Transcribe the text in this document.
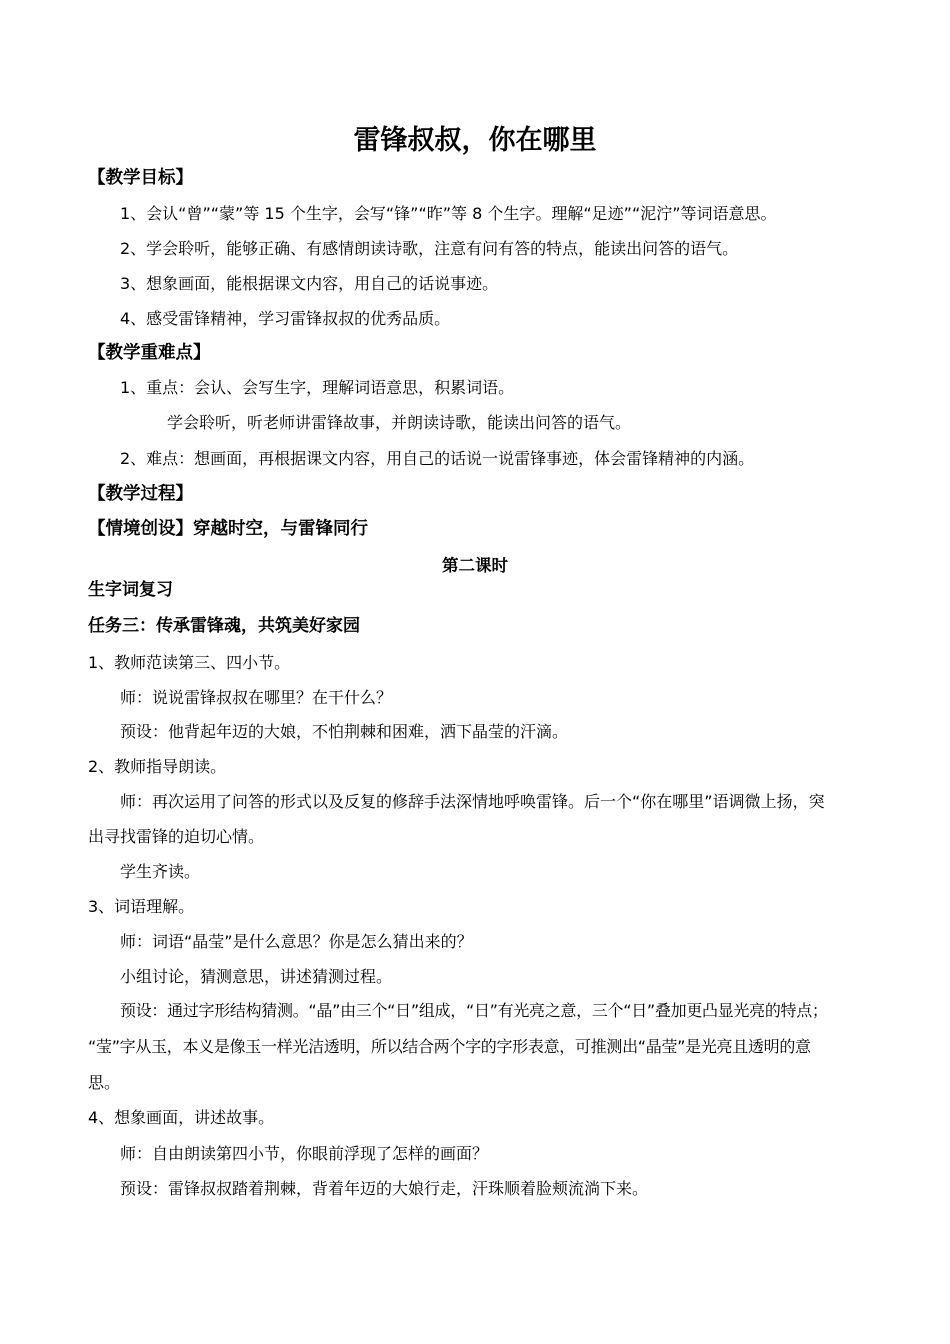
雷锋叔叔，你在哪里
【教学目标】
1、会认“曾”“蒙”等 15 个生字，会写“锋”“昨”等 8 个生字。理解“足迹”“泥泞”等词语意思。
2、学会聆听，能够正确、有感情朗读诗歌，注意有问有答的特点，能读出问答的语气。
3、想象画面，能根据课文内容，用自己的话说事迹。
4、感受雷锋精神，学习雷锋叔叔的优秀品质。
【教学重难点】
1、重点：会认、会写生字，理解词语意思，积累词语。
学会聆听，听老师讲雷锋故事，并朗读诗歌，能读出问答的语气。
2、难点：想画面，再根据课文内容，用自己的话说一说雷锋事迹，体会雷锋精神的内涵。
【教学过程】
【情境创设】穿越时空，与雷锋同行
第二课时
生字词复习
任务三：传承雷锋魂，共筑美好家园
1、教师范读第三、四小节。
师：说说雷锋叔叔在哪里？在干什么？
预设：他背起年迈的大娘，不怕荆棘和困难，洒下晶莹的汗滴。
2、教师指导朗读。
师：再次运用了问答的形式以及反复的修辞手法深情地呼唤雷锋。后一个“你在哪里”语调微上扬，突
出寻找雷锋的迫切心情。
学生齐读。
3、词语理解。
师：词语“晶莹”是什么意思？你是怎么猜出来的？
小组讨论，猜测意思，讲述猜测过程。
预设：通过字形结构猜测。“晶”由三个“日”组成，“日”有光亮之意，三个“日”叠加更凸显光亮的特点；
“莹”字从玉，本义是像玉一样光洁透明，所以结合两个字的字形表意，可推测出“晶莹”是光亮且透明的意
思。
4、想象画面，讲述故事。
师：自由朗读第四小节，你眼前浮现了怎样的画面？
预设：雷锋叔叔踏着荆棘，背着年迈的大娘行走，汗珠顺着脸颊流淌下来。
